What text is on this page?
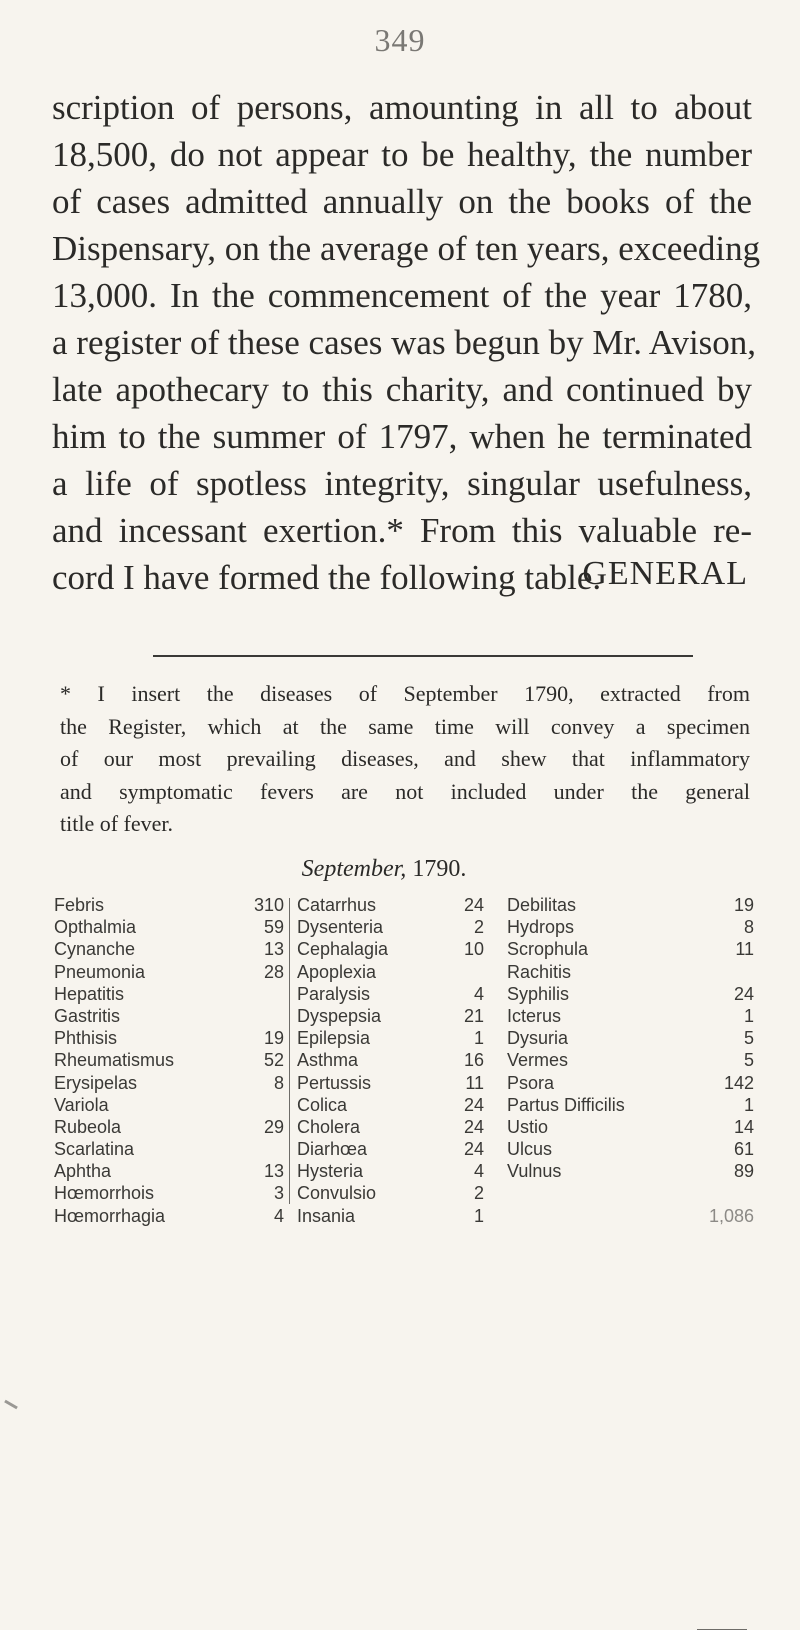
349
scription of persons, amounting in all to about
18,500, do not appear to be healthy, the number
of cases admitted annually on the books of the
Dispensary, on the average of ten years, exceeding
13,000. In the commencement of the year 1780,
a register of these cases was begun by Mr. Avison,
late apothecary to this charity, and continued by
him to the summer of 1797, when he terminated
a life of spotless integrity, singular usefulness,
and incessant exertion.* From this valuable re-
cord I have formed the following table.
GENERAL
* I insert the diseases of September 1790, extracted from
the Register, which at the same time will convey a specimen
of our most prevailing diseases, and shew that inflammatory
and symptomatic fevers are not included under the general
title of fever.
September, 1790.
Febris	310
Opthalmia	59
Cynanche	13
Pneumonia	28
Hepatitis
Gastritis
Phthisis	19
Rheumatismus	52
Erysipelas	8
Variola
Rubeola	29
Scarlatina
Aphtha	13
Hœmorrhois	3
Hœmorrhagia	4
Catarrhus	24
Dysenteria	2
Cephalagia	10
Apoplexia
Paralysis	4
Dyspepsia	21
Epilepsia	1
Asthma	16
Pertussis	11
Colica	24
Cholera	24
Diarhœa	24
Hysteria	4
Convulsio	2
Insania	1
Debilitas	19
Hydrops	8
Scrophula	11
Rachitis
Syphilis	24
Icterus	1
Dysuria	5
Vermes	5
Psora	142
Partus Difficilis	1
Ustio	14
Ulcus	61
Vulnus	89
1,086
